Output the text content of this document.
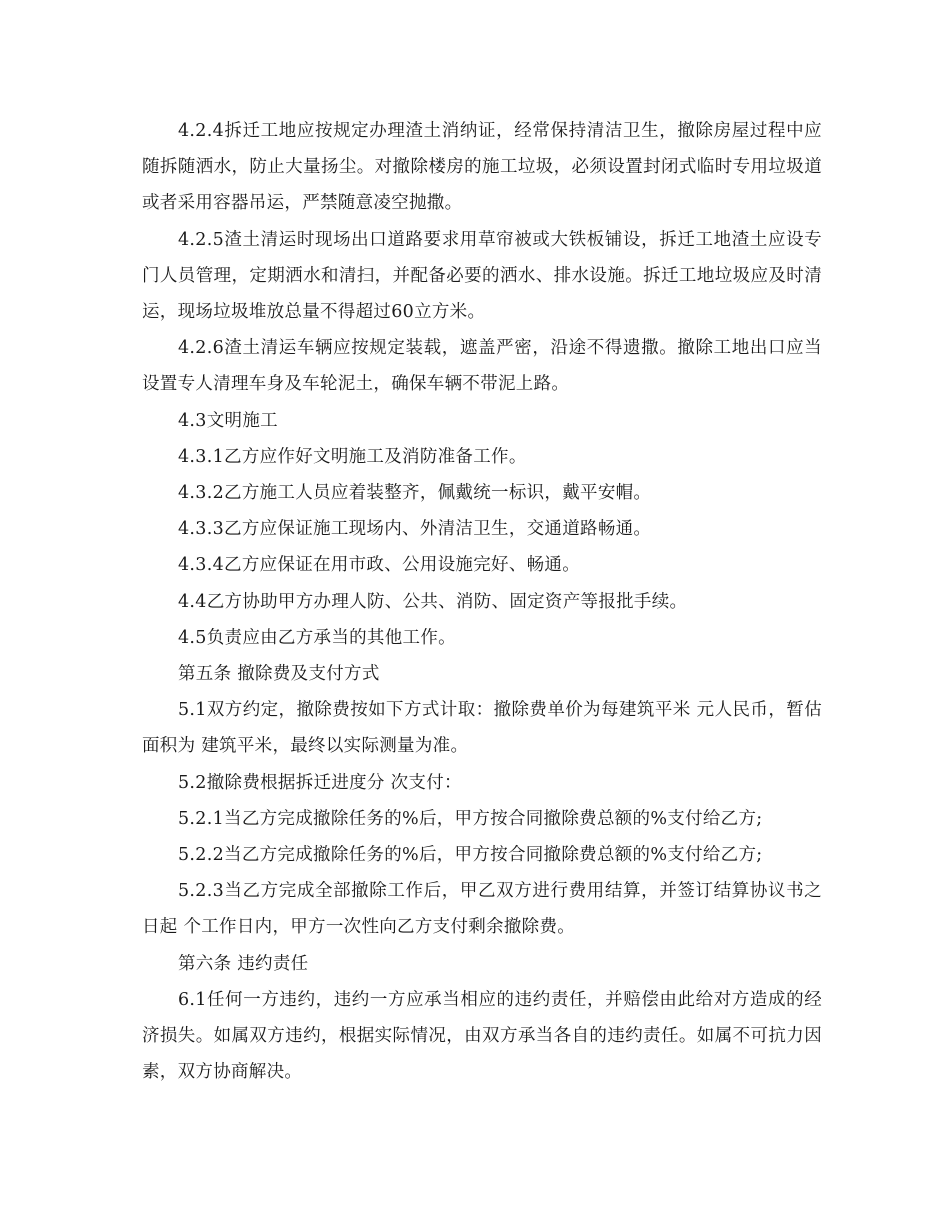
4.2.4拆迁工地应按规定办理渣土消纳证，经常保持清洁卫生，撤除房屋过程中应随拆随洒水，防止大量扬尘。对撤除楼房的施工垃圾，必须设置封闭式临时专用垃圾道或者采用容器吊运，严禁随意凌空抛撒。

4.2.5渣土清运时现场出口道路要求用草帘被或大铁板铺设，拆迁工地渣土应设专门人员管理，定期洒水和清扫，并配备必要的洒水、排水设施。拆迁工地垃圾应及时清运，现场垃圾堆放总量不得超过60立方米。

4.2.6渣土清运车辆应按规定装载，遮盖严密，沿途不得遗撒。撤除工地出口应当设置专人清理车身及车轮泥土，确保车辆不带泥上路。

4.3文明施工

4.3.1乙方应作好文明施工及消防准备工作。

4.3.2乙方施工人员应着装整齐，佩戴统一标识，戴平安帽。

4.3.3乙方应保证施工现场内、外清洁卫生，交通道路畅通。

4.3.4乙方应保证在用市政、公用设施完好、畅通。

4.4乙方协助甲方办理人防、公共、消防、固定资产等报批手续。

4.5负责应由乙方承当的其他工作。

第五条 撤除费及支付方式

5.1双方约定，撤除费按如下方式计取：撤除费单价为每建筑平米 元人民币，暂估面积为 建筑平米，最终以实际测量为准。

5.2撤除费根据拆迁进度分 次支付：

5.2.1当乙方完成撤除任务的%后，甲方按合同撤除费总额的%支付给乙方;

5.2.2当乙方完成撤除任务的%后，甲方按合同撤除费总额的%支付给乙方;

5.2.3当乙方完成全部撤除工作后，甲乙双方进行费用结算，并签订结算协议书之日起 个工作日内，甲方一次性向乙方支付剩余撤除费。

第六条 违约责任

6.1任何一方违约，违约一方应承当相应的违约责任，并赔偿由此给对方造成的经济损失。如属双方违约，根据实际情况，由双方承当各自的违约责任。如属不可抗力因素，双方协商解决。
